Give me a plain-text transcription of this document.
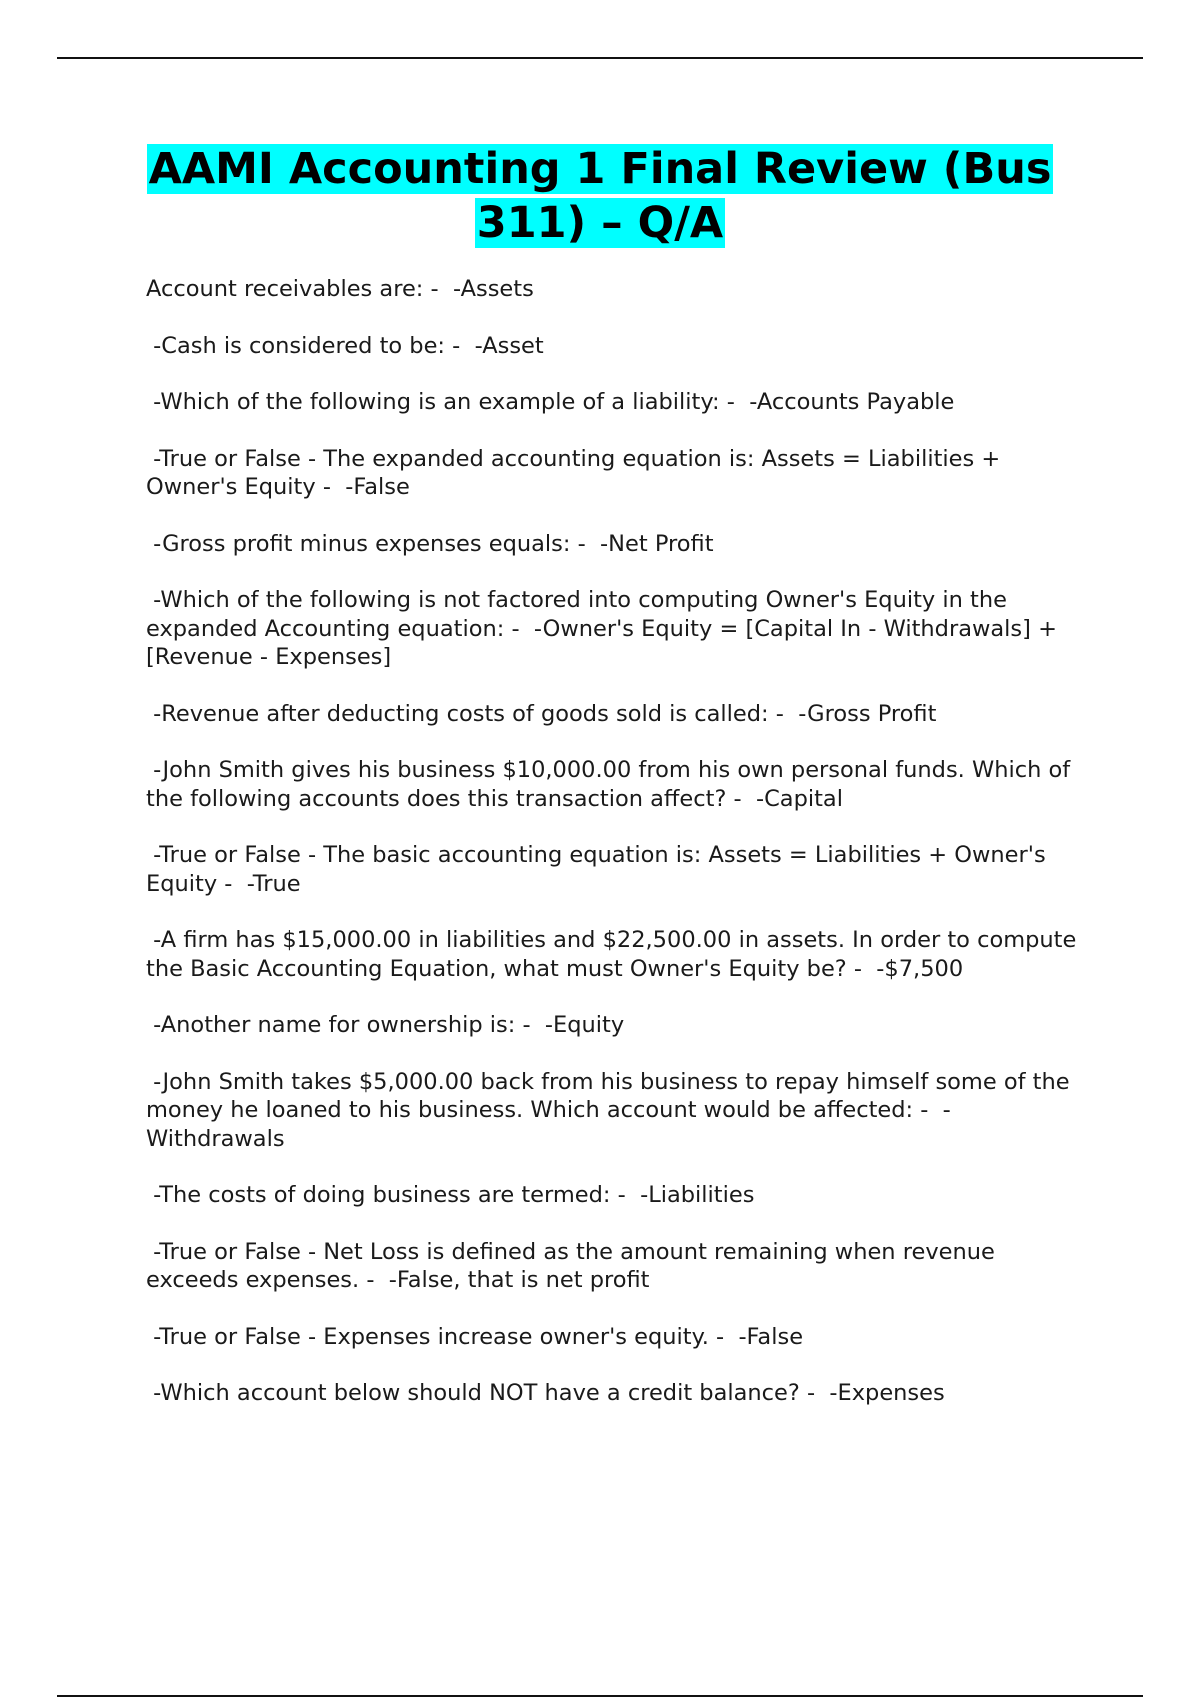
AAMI Accounting 1 Final Review (Bus 311) – Q/A
Account receivables are: -  -Assets
-Cash is considered to be: -  -Asset
-Which of the following is an example of a liability: -  -Accounts Payable
-True or False - The expanded accounting equation is: Assets = Liabilities + Owner's Equity -  -False
-Gross profit minus expenses equals: -  -Net Profit
-Which of the following is not factored into computing Owner's Equity in the expanded Accounting equation: -  -Owner's Equity = [Capital In - Withdrawals] + [Revenue - Expenses]
-Revenue after deducting costs of goods sold is called: -  -Gross Profit
-John Smith gives his business $10,000.00 from his own personal funds. Which of the following accounts does this transaction affect? -  -Capital
-True or False - The basic accounting equation is: Assets = Liabilities + Owner's Equity -  -True
-A firm has $15,000.00 in liabilities and $22,500.00 in assets. In order to compute the Basic Accounting Equation, what must Owner's Equity be? -  -$7,500
-Another name for ownership is: -  -Equity
-John Smith takes $5,000.00 back from his business to repay himself some of the money he loaned to his business. Which account would be affected: -  -Withdrawals
-The costs of doing business are termed: -  -Liabilities
-True or False - Net Loss is defined as the amount remaining when revenue exceeds expenses. -  -False, that is net profit
-True or False - Expenses increase owner's equity. -  -False
-Which account below should NOT have a credit balance? -  -Expenses
